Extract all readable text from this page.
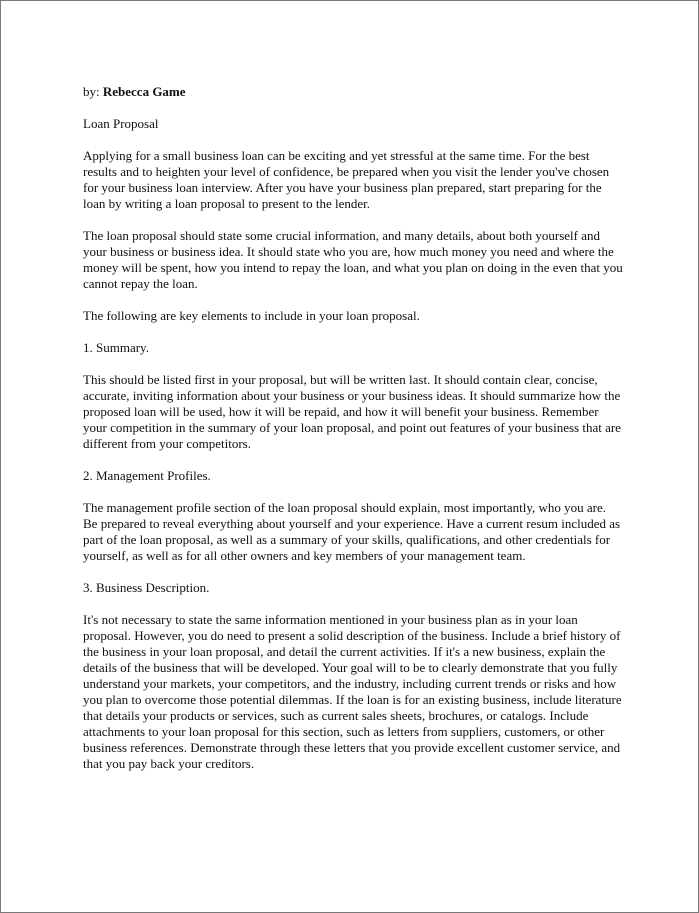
by: Rebecca Game

Loan Proposal

Applying for a small business loan can be exciting and yet stressful at the same time. For the best results and to heighten your level of confidence, be prepared when you visit the lender you've chosen for your business loan interview. After you have your business plan prepared, start preparing for the loan by writing a loan proposal to present to the lender.

The loan proposal should state some crucial information, and many details, about both yourself and your business or business idea. It should state who you are, how much money you need and where the money will be spent, how you intend to repay the loan, and what you plan on doing in the even that you cannot repay the loan.

The following are key elements to include in your loan proposal.

1. Summary.

This should be listed first in your proposal, but will be written last. It should contain clear, concise, accurate, inviting information about your business or your business ideas. It should summarize how the proposed loan will be used, how it will be repaid, and how it will benefit your business. Remember your competition in the summary of your loan proposal, and point out features of your business that are different from your competitors.

2. Management Profiles.

The management profile section of the loan proposal should explain, most importantly, who you are. Be prepared to reveal everything about yourself and your experience. Have a current resum included as part of the loan proposal, as well as a summary of your skills, qualifications, and other credentials for yourself, as well as for all other owners and key members of your management team.

3. Business Description.

It's not necessary to state the same information mentioned in your business plan as in your loan proposal. However, you do need to present a solid description of the business. Include a brief history of the business in your loan proposal, and detail the current activities. If it's a new business, explain the details of the business that will be developed. Your goal will to be to clearly demonstrate that you fully understand your markets, your competitors, and the industry, including current trends or risks and how you plan to overcome those potential dilemmas. If the loan is for an existing business, include literature that details your products or services, such as current sales sheets, brochures, or catalogs. Include attachments to your loan proposal for this section, such as letters from suppliers, customers, or other business references. Demonstrate through these letters that you provide excellent customer service, and that you pay back your creditors.
